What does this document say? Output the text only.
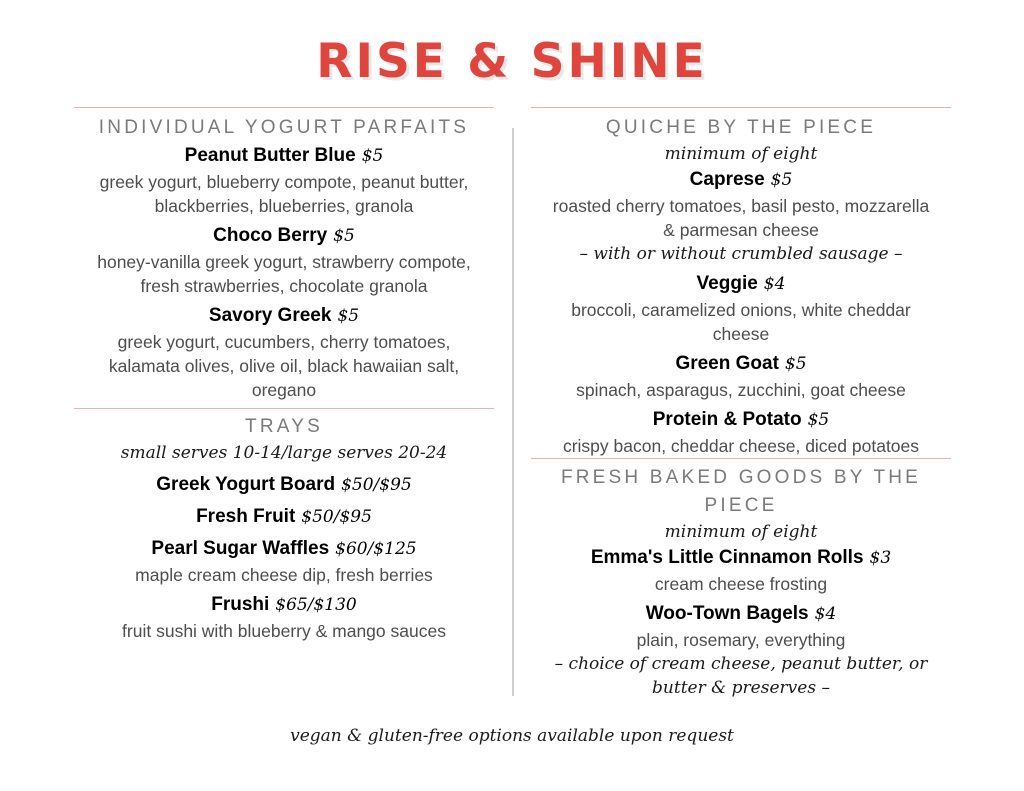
RISE & SHINE
INDIVIDUAL YOGURT PARFAITS
Peanut Butter Blue $5
greek yogurt, blueberry compote, peanut butter,
blackberries, blueberries, granola
Choco Berry $5
honey-vanilla greek yogurt, strawberry compote,
fresh strawberries, chocolate granola
Savory Greek $5
greek yogurt, cucumbers, cherry tomatoes,
kalamata olives, olive oil, black hawaiian salt,
oregano
TRAYS
small serves 10-14/large serves 20-24
Greek Yogurt Board $50/$95
Fresh Fruit $50/$95
Pearl Sugar Waffles $60/$125
maple cream cheese dip, fresh berries
Frushi $65/$130
fruit sushi with blueberry & mango sauces
QUICHE BY THE PIECE
minimum of eight
Caprese $5
roasted cherry tomatoes, basil pesto, mozzarella
& parmesan cheese
– with or without crumbled sausage –
Veggie $4
broccoli, caramelized onions, white cheddar
cheese
Green Goat $5
spinach, asparagus, zucchini, goat cheese
Protein & Potato $5
crispy bacon, cheddar cheese, diced potatoes
FRESH BAKED GOODS BY THE
PIECE
minimum of eight
Emma's Little Cinnamon Rolls $3
cream cheese frosting
Woo-Town Bagels $4
plain, rosemary, everything
– choice of cream cheese, peanut butter, or
butter & preserves –
vegan & gluten-free options available upon request
